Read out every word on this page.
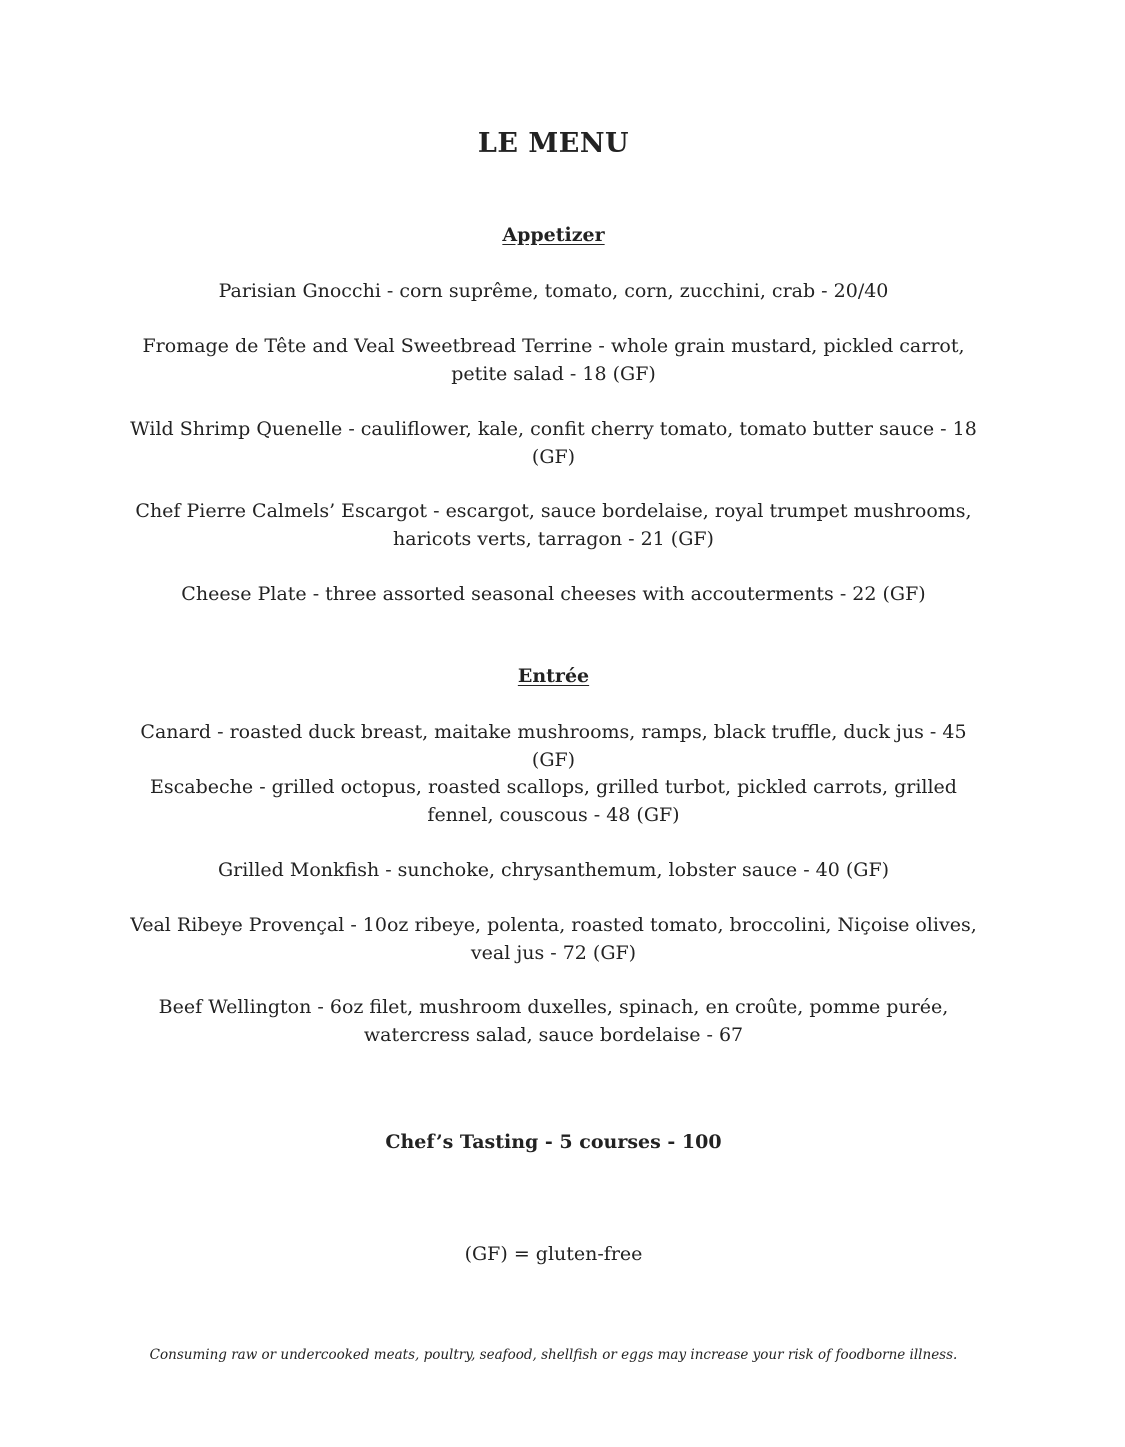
LE MENU
Appetizer

Parisian Gnocchi - corn suprême, tomato, corn, zucchini, crab - 20/40

Fromage de Tête and Veal Sweetbread Terrine - whole grain mustard, pickled carrot, petite salad - 18 (GF)

Wild Shrimp Quenelle - cauliflower, kale, confit cherry tomato, tomato butter sauce - 18 (GF)

Chef Pierre Calmels’ Escargot - escargot, sauce bordelaise, royal trumpet mushrooms, haricots verts, tarragon - 21 (GF)

Cheese Plate - three assorted seasonal cheeses with accouterments - 22 (GF)

Entrée

Canard - roasted duck breast, maitake mushrooms, ramps, black truffle, duck jus - 45 (GF)

Escabeche - grilled octopus, roasted scallops, grilled turbot, pickled carrots, grilled fennel, couscous - 48 (GF)

Grilled Monkfish - sunchoke, chrysanthemum, lobster sauce - 40 (GF)

Veal Ribeye Provençal - 10oz ribeye, polenta, roasted tomato, broccolini, Niçoise olives, veal jus - 72 (GF)

Beef Wellington - 6oz filet, mushroom duxelles, spinach, en croûte, pomme purée, watercress salad, sauce bordelaise - 67

Chef’s Tasting - 5 courses - 100

(GF) = gluten-free

Consuming raw or undercooked meats, poultry, seafood, shellfish or eggs may increase your risk of foodborne illness.
